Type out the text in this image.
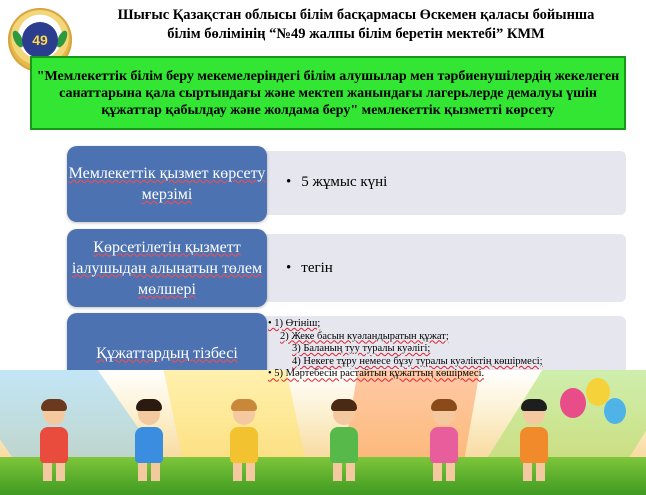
49
Шығыс Қазақстан облысы білім басқармасы Өскемен қаласы бойынша
білім бөлімінің “№49 жалпы білім беретін мектебі” КММ
"Мемлекеттік білім беру мекемелеріндегі білім алушылар мен тәрбиенушілердің жекелеген санаттарына қала сыртындағы және мектеп жанындағы лагерьлерде демалуы үшін құжаттар қабылдау және жолдама беру" мемлекеттік қызметті көрсету
Мемлекеттік қызмет көрсету мерзімі
• 5 жұмыс күні
Көрсетілетін қызметт іалушыдан алынатын төлем мөлшері
• тегін
Құжаттардың тізбесі
• 1) Өтініш;
2) Жеке басын куәландыратын құжат;
3) Баланың туу туралы куәлігі;
4) Некеге тұру немесе бұзу туралы куәліктің көшірмесі;
• 5) Мәртебесін растайтын құжаттың көшірмесі.
